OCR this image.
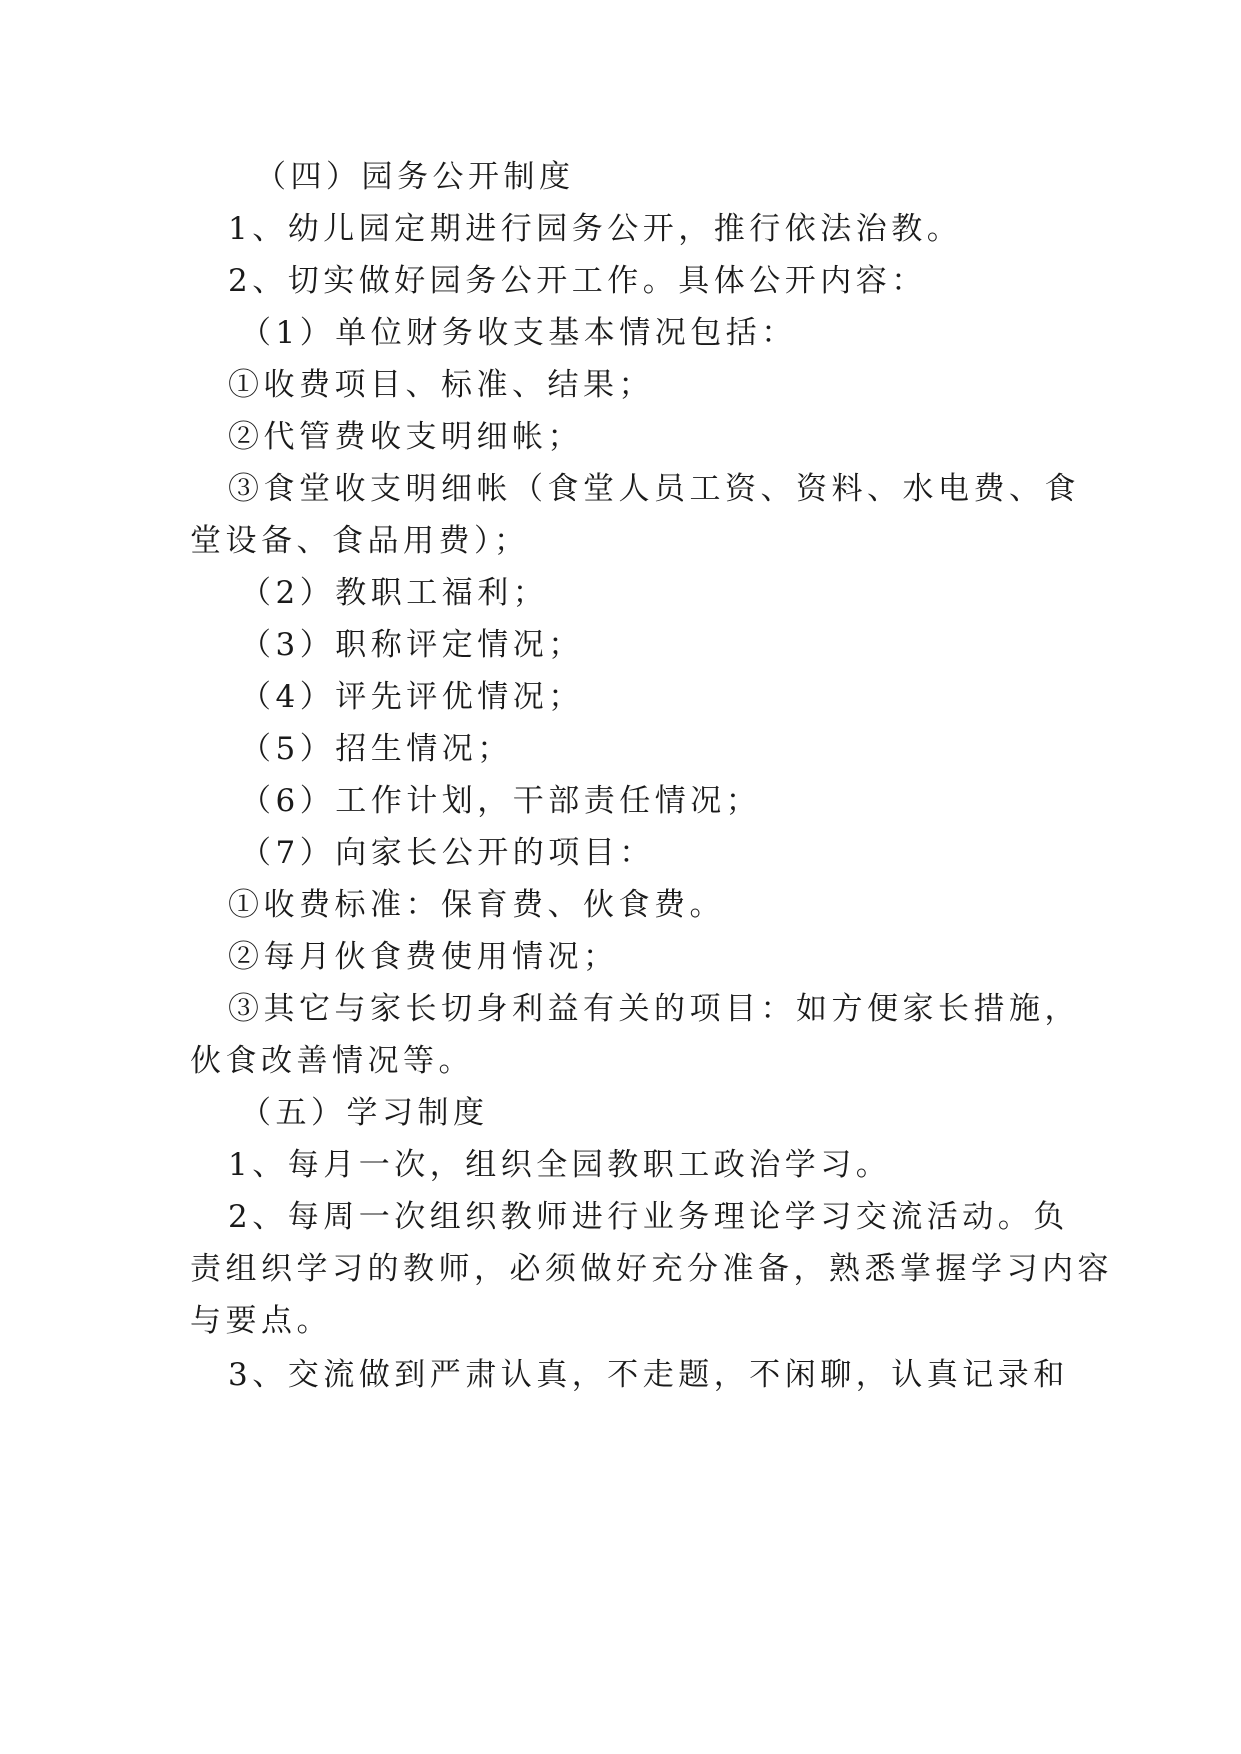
（四）园务公开制度
1、幼儿园定期进行园务公开，推行依法治教。
2、切实做好园务公开工作。具体公开内容：
（1）单位财务收支基本情况包括：
①收费项目、标准、结果；
②代管费收支明细帐；
③食堂收支明细帐（食堂人员工资、资料、水电费、食
堂设备、食品用费）；
（2）教职工福利；
（3）职称评定情况；
（4）评先评优情况；
（5）招生情况；
（6）工作计划，干部责任情况；
（7）向家长公开的项目：
①收费标准：保育费、伙食费。
②每月伙食费使用情况；
③其它与家长切身利益有关的项目：如方便家长措施，
伙食改善情况等。
（五）学习制度
1、每月一次，组织全园教职工政治学习。
2、每周一次组织教师进行业务理论学习交流活动。负
责组织学习的教师，必须做好充分准备，熟悉掌握学习内容
与要点。
3、交流做到严肃认真，不走题，不闲聊，认真记录和
